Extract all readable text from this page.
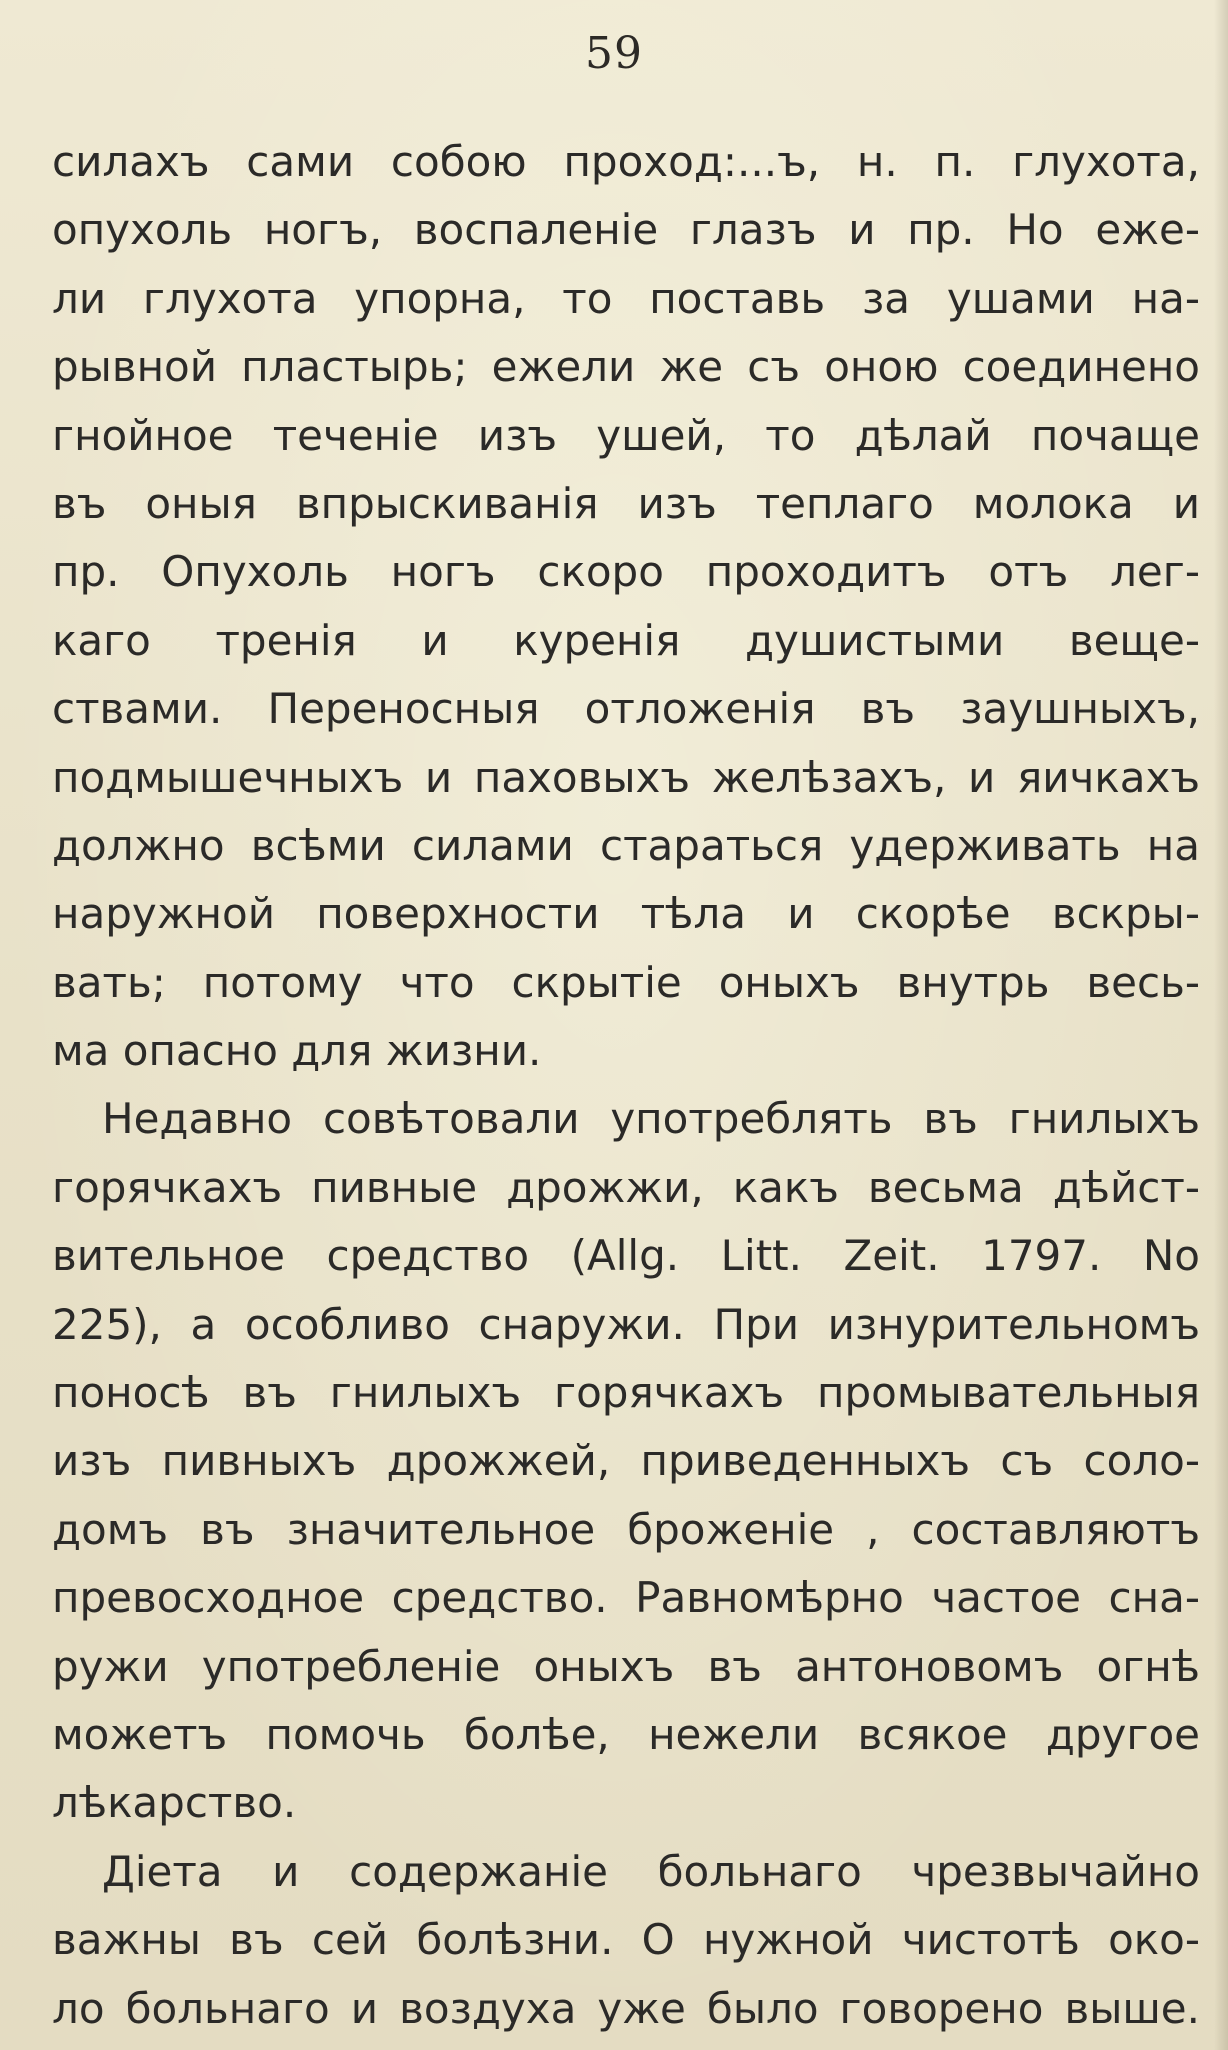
59
силахъ сами собою проход:...ъ, н. п. глухота,
опухоль ногъ, воспаленіе глазъ и пр. Но еже-
ли глухота упорна, то поставь за ушами на-
рывной пластырь; ежели же съ оною соединено
гнойное теченіе изъ ушей, то дѣлай почаще
въ оныя впрыскиванія изъ теплаго молока и
пр. Опухоль ногъ скоро проходитъ отъ лег-
каго тренія и куренія душистыми веще-
ствами. Переносныя отложенія въ заушныхъ,
подмышечныхъ и паховыхъ желѣзахъ, и яичкахъ
должно всѣми силами стараться удерживать на
наружной поверхности тѣла и скорѣе вскры-
вать; потому что скрытіе оныхъ внутрь весь-
ма опасно для жизни.
Недавно совѣтовали употреблять въ гнилыхъ
горячкахъ пивные дрожжи, какъ весьма дѣйст-
вительное средство (Allg. Litt. Zeit. 1797. No
225), а особливо снаружи. При изнурительномъ
поносѣ въ гнилыхъ горячкахъ промывательныя
изъ пивныхъ дрожжей, приведенныхъ съ соло-
домъ въ значительное броженіе , составляютъ
превосходное средство. Равномѣрно частое сна-
ружи употребленіе оныхъ въ антоновомъ огнѣ
можетъ помочь болѣе, нежели всякое другое
лѣкарство.
Діета и содержаніе больнаго чрезвычайно
важны въ сей болѣзни. О нужной чистотѣ око-
ло больнаго и воздуха уже было говорено выше.
